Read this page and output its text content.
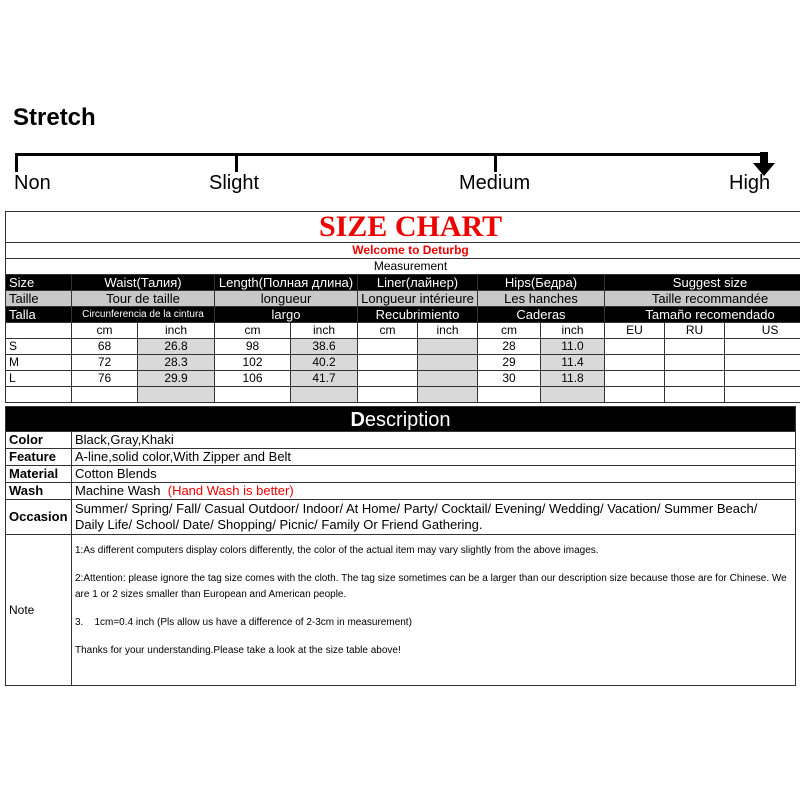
Stretch
Non	Slight	Medium	High
SIZE CHART											
Welcome to Deturbg											
Measurement											
Size	Waist(Талия)		Length(Полная длина)		Liner(лайнер)		Hips(Бедра)		Suggest size		
Taille	Tour de taille		longueur		Longueur intérieure		Les hanches		Taille recommandée		
Talla	Circunferencia de la cintura		largo		Recubrimiento		Caderas		Tamaño recomendado		
	cm	inch	cm	inch	cm	inch	cm	inch	EU	RU	US
S	68	26.8	98	38.6			28	11.0			
M	72	28.3	102	40.2			29	11.4			
L	76	29.9	106	41.7			30	11.8			

Description	
Color	Black,Gray,Khaki
Feature	A-line,solid color,With Zipper and Belt
Material	Cotton Blends
Wash	Machine Wash (Hand Wash is better)
Occasion	Summer/ Spring/ Fall/ Casual Outdoor/ Indoor/ At Home/ Party/ Cocktail/ Evening/ Wedding/ Vacation/ Summer Beach/
Daily Life/ School/ Date/ Shopping/ Picnic/ Family Or Friend Gathering.

Note	1:As different computers display colors differently, the color of the actual item may vary slightly from the above images.

2:Attention: please ignore the tag size comes with the cloth. The tag size sometimes can be a larger than our description size because those are for Chinese. We are 1 or 2 sizes smaller than European and American people.

3.    1cm=0.4 inch (Pls allow us have a difference of 2-3cm in measurement)

Thanks for your understanding.Please take a look at the size table above!
